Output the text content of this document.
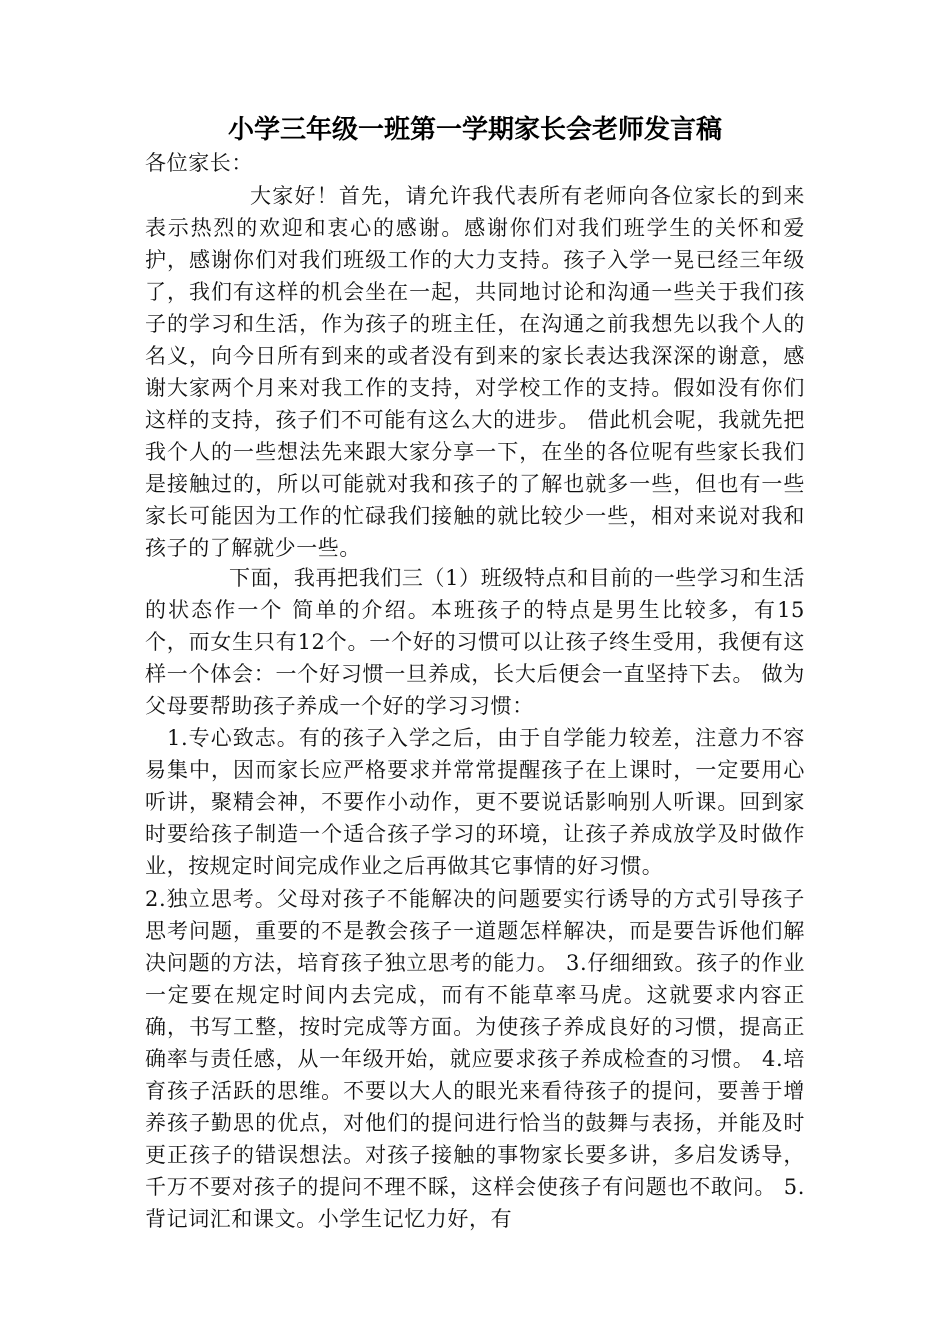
小学三年级一班第一学期家长会老师发言稿

各位家长：

大家好！首先，请允许我代表所有老师向各位家长的到来表示热烈的欢迎和衷心的感谢。感谢你们对我们班学生的关怀和爱护，感谢你们对我们班级工作的大力支持。孩子入学一晃已经三年级了，我们有这样的机会坐在一起，共同地讨论和沟通一些关于我们孩子的学习和生活，作为孩子的班主任，在沟通之前我想先以我个人的名义，向今日所有到来的或者没有到来的家长表达我深深的谢意，感谢大家两个月来对我工作的支持，对学校工作的支持。假如没有你们这样的支持，孩子们不可能有这么大的进步。 借此机会呢，我就先把我个人的一些想法先来跟大家分享一下，在坐的各位呢有些家长我们是接触过的，所以可能就对我和孩子的了解也就多一些，但也有一些家长可能因为工作的忙碌我们接触的就比较少一些，相对来说对我和孩子的了解就少一些。

下面，我再把我们三（1）班级特点和目前的一些学习和生活的状态作一个 简单的介绍。本班孩子的特点是男生比较多，有15个，而女生只有12个。一个好的习惯可以让孩子终生受用，我便有这样一个体会：一个好习惯一旦养成，长大后便会一直坚持下去。 做为父母要帮助孩子养成一个好的学习习惯：

1.专心致志。有的孩子入学之后，由于自学能力较差，注意力不容易集中，因而家长应严格要求并常常提醒孩子在上课时，一定要用心听讲，聚精会神，不要作小动作，更不要说话影响别人听课。回到家时要给孩子制造一个适合孩子学习的环境，让孩子养成放学及时做作业，按规定时间完成作业之后再做其它事情的好习惯。

2.独立思考。父母对孩子不能解决的问题要实行诱导的方式引导孩子思考问题，重要的不是教会孩子一道题怎样解决，而是要告诉他们解决问题的方法，培育孩子独立思考的能力。 3.仔细细致。孩子的作业一定要在规定时间内去完成，而有不能草率马虎。这就要求内容正确，书写工整，按时完成等方面。为使孩子养成良好的习惯，提高正确率与责任感，从一年级开始，就应要求孩子养成检查的习惯。 4.培育孩子活跃的思维。不要以大人的眼光来看待孩子的提问，要善于增养孩子勤思的优点，对他们的提问进行恰当的鼓舞与表扬，并能及时更正孩子的错误想法。对孩子接触的事物家长要多讲，多启发诱导，千万不要对孩子的提问不理不睬，这样会使孩子有问题也不敢问。 5.背记词汇和课文。小学生记忆力好，有
